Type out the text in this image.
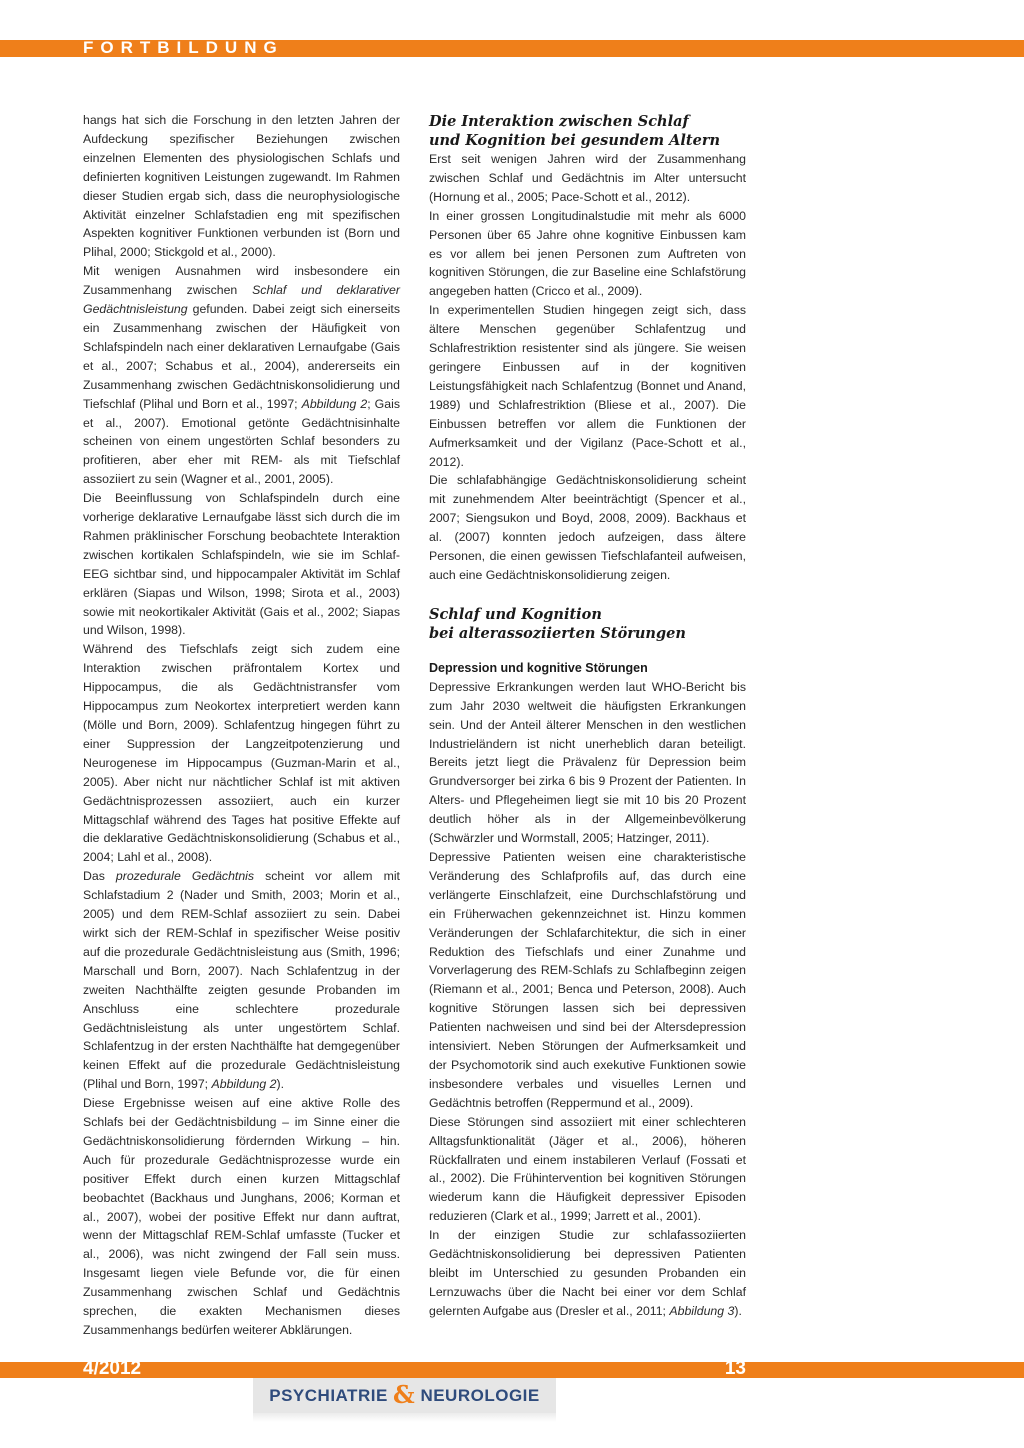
FORTBILDUNG

hangs hat sich die Forschung in den letzten Jahren der Aufdeckung spezifischer Beziehungen zwischen einzelnen Elementen des physiologischen Schlafs und definierten kognitiven Leistungen zugewandt. Im Rahmen dieser Studien ergab sich, dass die neurophysiologische Aktivität einzelner Schlafstadien eng mit spezifischen Aspekten kognitiver Funktionen verbunden ist (Born und Plihal, 2000; Stickgold et al., 2000).

Mit wenigen Ausnahmen wird insbesondere ein Zusammenhang zwischen Schlaf und deklarativer Gedächtnisleistung gefunden. Dabei zeigt sich einerseits ein Zusammenhang zwischen der Häufigkeit von Schlafspindeln nach einer deklarativen Lernaufgabe (Gais et al., 2007; Schabus et al., 2004), andererseits ein Zusammenhang zwischen Gedächtniskonsolidierung und Tiefschlaf (Plihal und Born et al., 1997; Abbildung 2; Gais et al., 2007). Emotional getönte Gedächtnisinhalte scheinen von einem ungestörten Schlaf besonders zu profitieren, aber eher mit REM- als mit Tiefschlaf assoziiert zu sein (Wagner et al., 2001, 2005).

Die Beeinflussung von Schlafspindeln durch eine vorherige deklarative Lernaufgabe lässt sich durch die im Rahmen präklinischer Forschung beobachtete Interaktion zwischen kortikalen Schlafspindeln, wie sie im Schlaf-EEG sichtbar sind, und hippocampaler Aktivität im Schlaf erklären (Siapas und Wilson, 1998; Sirota et al., 2003) sowie mit neokortikaler Aktivität (Gais et al., 2002; Siapas und Wilson, 1998).

Während des Tiefschlafs zeigt sich zudem eine Interaktion zwischen präfrontalem Kortex und Hippocampus, die als Gedächtnistransfer vom Hippocampus zum Neokortex interpretiert werden kann (Mölle und Born, 2009). Schlafentzug hingegen führt zu einer Suppression der Langzeitpotenzierung und Neurogenese im Hippocampus (Guzman-Marin et al., 2005). Aber nicht nur nächtlicher Schlaf ist mit aktiven Gedächtnisprozessen assoziiert, auch ein kurzer Mittagschlaf während des Tages hat positive Effekte auf die deklarative Gedächtniskonsolidierung (Schabus et al., 2004; Lahl et al., 2008).

Das prozedurale Gedächtnis scheint vor allem mit Schlafstadium 2 (Nader und Smith, 2003; Morin et al., 2005) und dem REM-Schlaf assoziiert zu sein. Dabei wirkt sich der REM-Schlaf in spezifischer Weise positiv auf die prozedurale Gedächtnisleistung aus (Smith, 1996; Marschall und Born, 2007). Nach Schlafentzug in der zweiten Nachthälfte zeigten gesunde Probanden im Anschluss eine schlechtere prozedurale Gedächtnisleistung als unter ungestörtem Schlaf. Schlafentzug in der ersten Nachthälfte hat demgegenüber keinen Effekt auf die prozedurale Gedächtnisleistung (Plihal und Born, 1997; Abbildung 2).

Diese Ergebnisse weisen auf eine aktive Rolle des Schlafs bei der Gedächtnisbildung – im Sinne einer die Gedächtniskonsolidierung fördernden Wirkung – hin. Auch für prozedurale Gedächtnisprozesse wurde ein positiver Effekt durch einen kurzen Mittagschlaf beobachtet (Backhaus und Junghans, 2006; Korman et al., 2007), wobei der positive Effekt nur dann auftrat, wenn der Mittagschlaf REM-Schlaf umfasste (Tucker et al., 2006), was nicht zwingend der Fall sein muss. Insgesamt liegen viele Befunde vor, die für einen Zusammenhang zwischen Schlaf und Gedächtnis sprechen, die exakten Mechanismen dieses Zusammenhangs bedürfen weiterer Abklärungen.

Die Interaktion zwischen Schlaf
und Kognition bei gesundem Altern

Erst seit wenigen Jahren wird der Zusammenhang zwischen Schlaf und Gedächtnis im Alter untersucht (Hornung et al., 2005; Pace-Schott et al., 2012).

In einer grossen Longitudinalstudie mit mehr als 6000 Personen über 65 Jahre ohne kognitive Einbussen kam es vor allem bei jenen Personen zum Auftreten von kognitiven Störungen, die zur Baseline eine Schlafstörung angegeben hatten (Cricco et al., 2009).

In experimentellen Studien hingegen zeigt sich, dass ältere Menschen gegenüber Schlafentzug und Schlafrestriktion resistenter sind als jüngere. Sie weisen geringere Einbussen auf in der kognitiven Leistungsfähigkeit nach Schlafentzug (Bonnet und Anand, 1989) und Schlafrestriktion (Bliese et al., 2007). Die Einbussen betreffen vor allem die Funktionen der Aufmerksamkeit und der Vigilanz (Pace-Schott et al., 2012).

Die schlafabhängige Gedächtniskonsolidierung scheint mit zunehmendem Alter beeinträchtigt (Spencer et al., 2007; Siengsukon und Boyd, 2008, 2009). Backhaus et al. (2007) konnten jedoch aufzeigen, dass ältere Personen, die einen gewissen Tiefschlafanteil aufweisen, auch eine Gedächtniskonsolidierung zeigen.

Schlaf und Kognition
bei alterassoziierten Störungen
Depression und kognitive Störungen

Depressive Erkrankungen werden laut WHO-Bericht bis zum Jahr 2030 weltweit die häufigsten Erkrankungen sein. Und der Anteil älterer Menschen in den westlichen Industrieländern ist nicht unerheblich daran beteiligt. Bereits jetzt liegt die Prävalenz für Depression beim Grundversorger bei zirka 6 bis 9 Prozent der Patienten. In Alters- und Pflegeheimen liegt sie mit 10 bis 20 Prozent deutlich höher als in der Allgemeinbevölkerung (Schwärzler und Wormstall, 2005; Hatzinger, 2011).

Depressive Patienten weisen eine charakteristische Veränderung des Schlafprofils auf, das durch eine verlängerte Einschlafzeit, eine Durchschlafstörung und ein Früherwachen gekennzeichnet ist. Hinzu kommen Veränderungen der Schlafarchitektur, die sich in einer Reduktion des Tiefschlafs und einer Zunahme und Vorverlagerung des REM-Schlafs zu Schlafbeginn zeigen (Riemann et al., 2001; Benca und Peterson, 2008). Auch kognitive Störungen lassen sich bei depressiven Patienten nachweisen und sind bei der Altersdepression intensiviert. Neben Störungen der Aufmerksamkeit und der Psychomotorik sind auch exekutive Funktionen sowie insbesondere verbales und visuelles Lernen und Gedächtnis betroffen (Reppermund et al., 2009).

Diese Störungen sind assoziiert mit einer schlechteren Alltagsfunktionalität (Jäger et al., 2006), höheren Rückfallraten und einem instabileren Verlauf (Fossati et al., 2002). Die Frühintervention bei kognitiven Störungen wiederum kann die Häufigkeit depressiver Episoden reduzieren (Clark et al., 1999; Jarrett et al., 2001).

In der einzigen Studie zur schlafassoziierten Gedächtniskonsolidierung bei depressiven Patienten bleibt im Unterschied zu gesunden Probanden ein Lernzuwachs über die Nacht bei einer vor dem Schlaf gelernten Aufgabe aus (Dresler et al., 2011; Abbildung 3).

4/2012	13
PSYCHIATRIE & NEUROLOGIE
